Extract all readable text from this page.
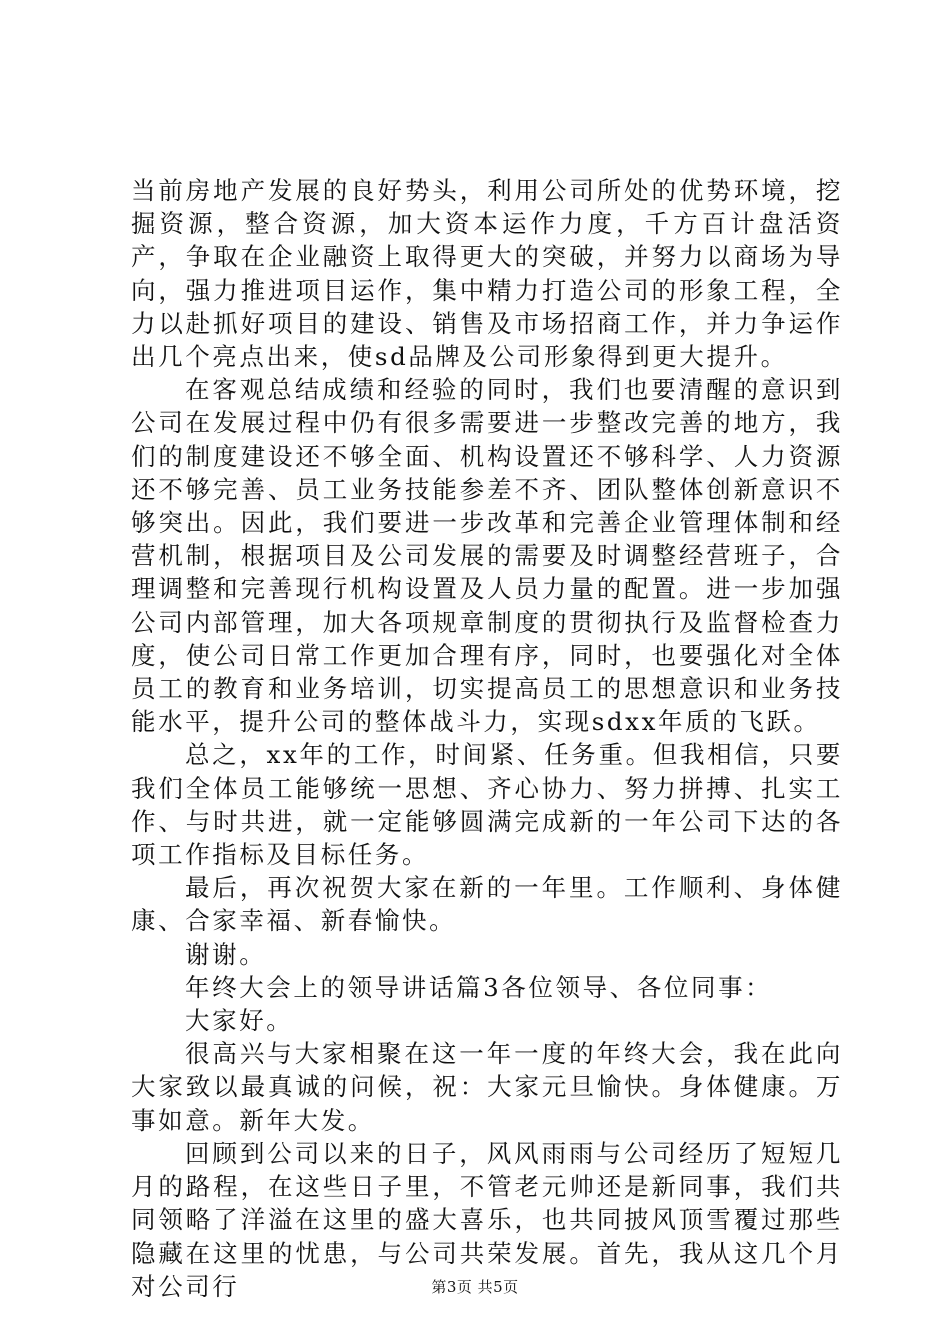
当前房地产发展的良好势头，利用公司所处的优势环境，挖掘资源，整合资源，加大资本运作力度，千方百计盘活资产，争取在企业融资上取得更大的突破，并努力以商场为导向，强力推进项目运作，集中精力打造公司的形象工程，全力以赴抓好项目的建设、销售及市场招商工作，并力争运作出几个亮点出来，使sd品牌及公司形象得到更大提升。

在客观总结成绩和经验的同时，我们也要清醒的意识到公司在发展过程中仍有很多需要进一步整改完善的地方，我们的制度建设还不够全面、机构设置还不够科学、人力资源还不够完善、员工业务技能参差不齐、团队整体创新意识不够突出。因此，我们要进一步改革和完善企业管理体制和经营机制，根据项目及公司发展的需要及时调整经营班子，合理调整和完善现行机构设置及人员力量的配置。进一步加强公司内部管理，加大各项规章制度的贯彻执行及监督检查力度，使公司日常工作更加合理有序，同时，也要强化对全体员工的教育和业务培训，切实提高员工的思想意识和业务技能水平，提升公司的整体战斗力，实现sdxx年质的飞跃。

总之，xx年的工作，时间紧、任务重。但我相信，只要我们全体员工能够统一思想、齐心协力、努力拼搏、扎实工作、与时共进，就一定能够圆满完成新的一年公司下达的各项工作指标及目标任务。

最后，再次祝贺大家在新的一年里。工作顺利、身体健康、合家幸福、新春愉快。

谢谢。

年终大会上的领导讲话篇3各位领导、各位同事：

大家好。

很高兴与大家相聚在这一年一度的年终大会，我在此向大家致以最真诚的问候，祝：大家元旦愉快。身体健康。万事如意。新年大发。

回顾到公司以来的日子，风风雨雨与公司经历了短短几月的路程，在这些日子里，不管老元帅还是新同事，我们共同领略了洋溢在这里的盛大喜乐，也共同披风顶雪覆过那些隐藏在这里的忧患，与公司共荣发展。首先，我从这几个月对公司行	第3页 共5页
